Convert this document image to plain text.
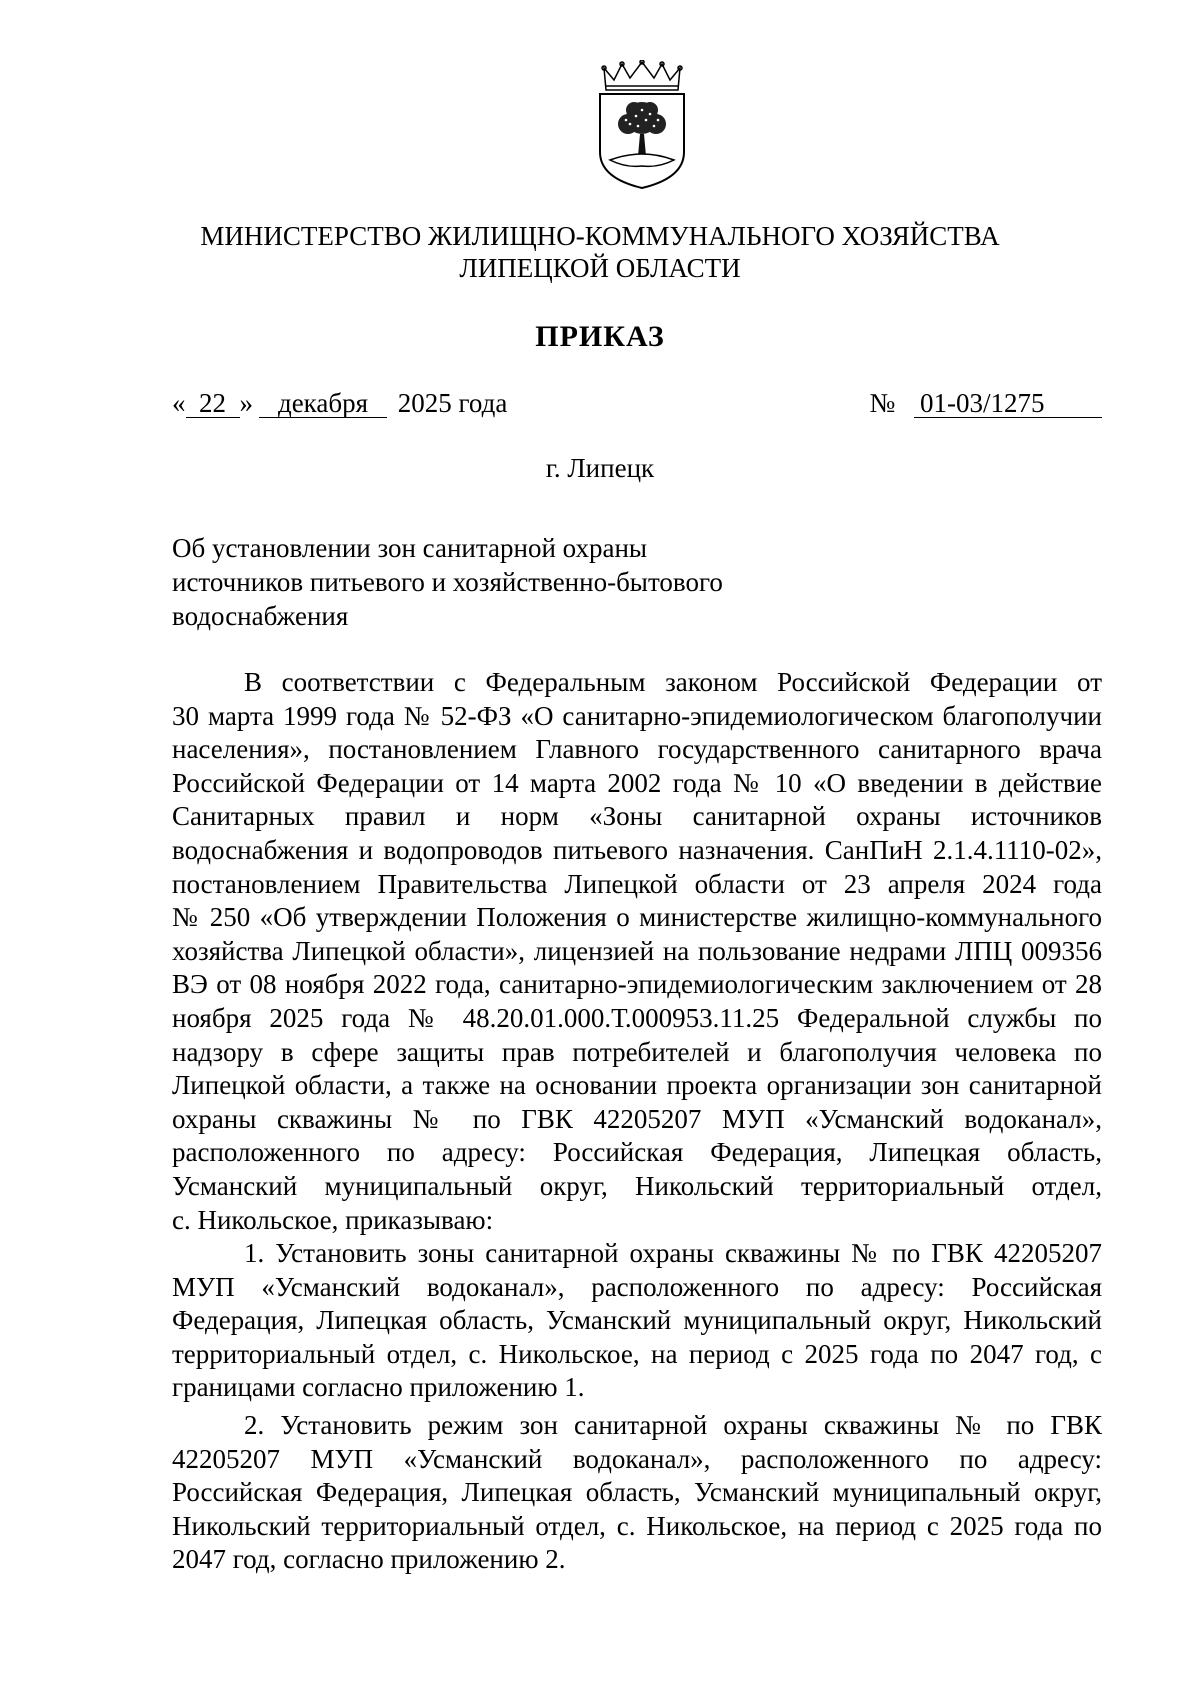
МИНИСТЕРСТВО ЖИЛИЩНО-КОММУНАЛЬНОГО ХОЗЯЙСТВА
ЛИПЕЦКОЙ ОБЛАСТИ
ПРИКАЗ
« 22 » декабря 2025 года	№ 01-03/1275
г. Липецк
Об установлении зон санитарной охраны
источников питьевого и хозяйственно-бытового
водоснабжения
В соответствии с Федеральным законом Российской Федерации от
30 марта 1999 года № 52-ФЗ «О санитарно-эпидемиологическом благополучии
населения», постановлением Главного государственного санитарного врача
Российской Федерации от 14 марта 2002 года № 10 «О введении в действие
Санитарных правил и норм «Зоны санитарной охраны источников
водоснабжения и водопроводов питьевого назначения. СанПиН 2.1.4.1110-02»,
постановлением Правительства Липецкой области от 23 апреля 2024 года
№ 250 «Об утверждении Положения о министерстве жилищно-коммунального
хозяйства Липецкой области», лицензией на пользование недрами ЛПЦ 009356
ВЭ от 08 ноября 2022 года, санитарно-эпидемиологическим заключением от 28
ноября 2025 года № 48.20.01.000.Т.000953.11.25 Федеральной службы по
надзору в сфере защиты прав потребителей и благополучия человека по
Липецкой области, а также на основании проекта организации зон санитарной
охраны скважины № по ГВК 42205207 МУП «Усманский водоканал»,
расположенного по адресу: Российская Федерация, Липецкая область,
Усманский муниципальный округ, Никольский территориальный отдел,
с. Никольское, приказываю:
1. Установить зоны санитарной охраны скважины № по ГВК 42205207
МУП «Усманский водоканал», расположенного по адресу: Российская
Федерация, Липецкая область, Усманский муниципальный округ, Никольский
территориальный отдел, с. Никольское, на период с 2025 года по 2047 год, с
границами согласно приложению 1.
2. Установить режим зон санитарной охраны скважины № по ГВК
42205207 МУП «Усманский водоканал», расположенного по адресу:
Российская Федерация, Липецкая область, Усманский муниципальный округ,
Никольский территориальный отдел, с. Никольское, на период с 2025 года по
2047 год, согласно приложению 2.
